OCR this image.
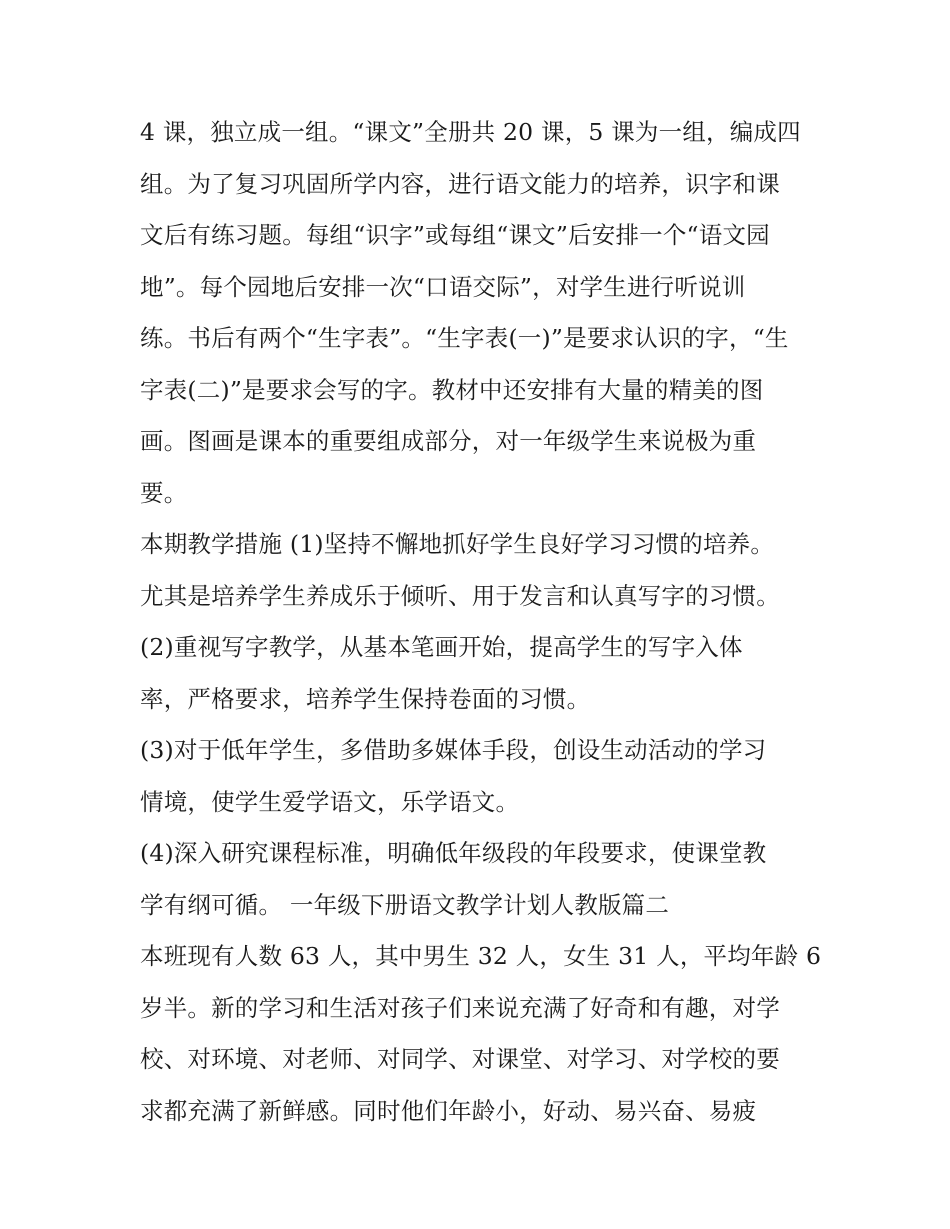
4 课，独立成一组。“课文”全册共 20 课，5 课为一组，编成四
组。为了复习巩固所学内容，进行语文能力的培养，识字和课
文后有练习题。每组“识字”或每组“课文”后安排一个“语文园
地”。每个园地后安排一次“口语交际”，对学生进行听说训
练。书后有两个“生字表”。“生字表(一)”是要求认识的字，“生
字表(二)”是要求会写的字。教材中还安排有大量的精美的图
画。图画是课本的重要组成部分，对一年级学生来说极为重
要。
本期教学措施 (1)坚持不懈地抓好学生良好学习习惯的培养。
尤其是培养学生养成乐于倾听、用于发言和认真写字的习惯。
(2)重视写字教学，从基本笔画开始，提高学生的写字入体
率，严格要求，培养学生保持卷面的习惯。
(3)对于低年学生，多借助多媒体手段，创设生动活动的学习
情境，使学生爱学语文，乐学语文。
(4)深入研究课程标准，明确低年级段的年段要求，使课堂教
学有纲可循。 一年级下册语文教学计划人教版篇二
本班现有人数 63 人，其中男生 32 人，女生 31 人，平均年龄 6
岁半。新的学习和生活对孩子们来说充满了好奇和有趣，对学
校、对环境、对老师、对同学、对课堂、对学习、对学校的要
求都充满了新鲜感。同时他们年龄小，好动、易兴奋、易疲
